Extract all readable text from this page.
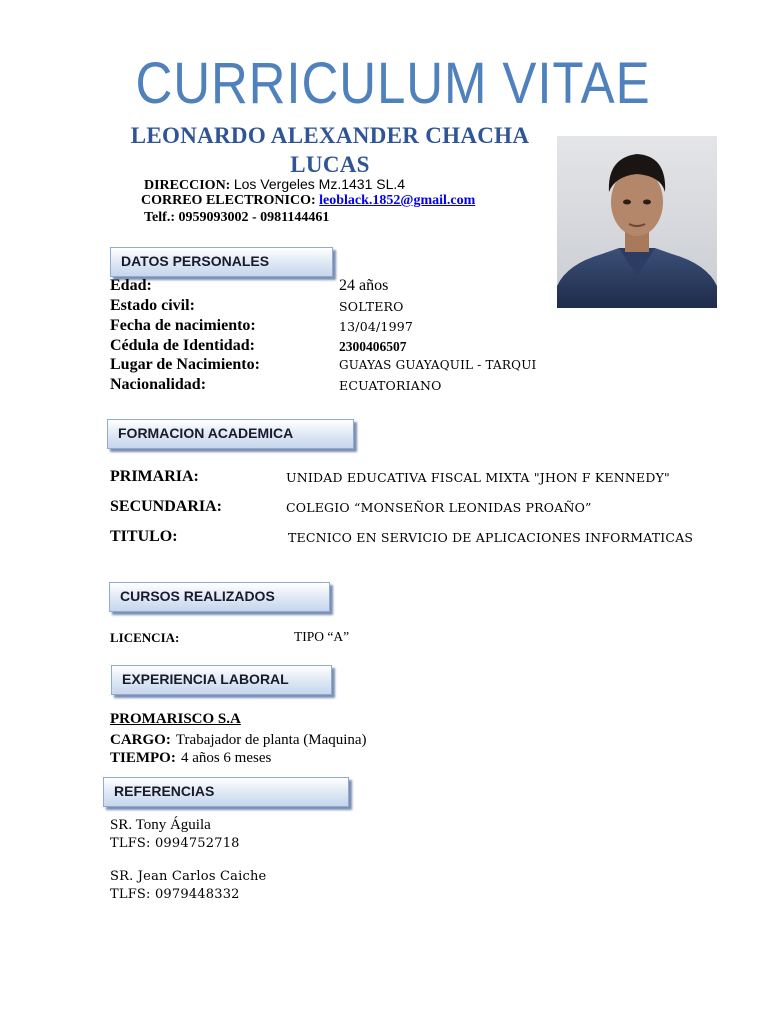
CURRICULUM VITAE
LEONARDO ALEXANDER CHACHA LUCAS
DIRECCION: Los Vergeles Mz.1431 SL.4
CORREO ELECTRONICO: leoblack.1852@gmail.com
Telf.: 0959093002 - 0981144461
DATOS PERSONALES
Edad:	24 años
Estado civil:	SOLTERO
Fecha de nacimiento:	13/04/1997
Cédula de Identidad:	2300406507
Lugar de Nacimiento:	GUAYAS GUAYAQUIL - TARQUI
Nacionalidad:	ECUATORIANO
FORMACION ACADEMICA
PRIMARIA:	UNIDAD EDUCATIVA FISCAL MIXTA "JHON F KENNEDY"
SECUNDARIA:	COLEGIO “MONSEÑOR LEONIDAS PROAÑO”
TITULO:	TECNICO EN SERVICIO DE APLICACIONES INFORMATICAS
CURSOS REALIZADOS
LICENCIA:	TIPO “A”
EXPERIENCIA LABORAL
PROMARISCO S.A
CARGO: Trabajador de planta (Maquina)
TIEMPO: 4 años 6 meses
REFERENCIAS
SR. Tony Águila
TLFS: 0994752718
SR. Jean Carlos Caiche
TLFS: 0979448332
